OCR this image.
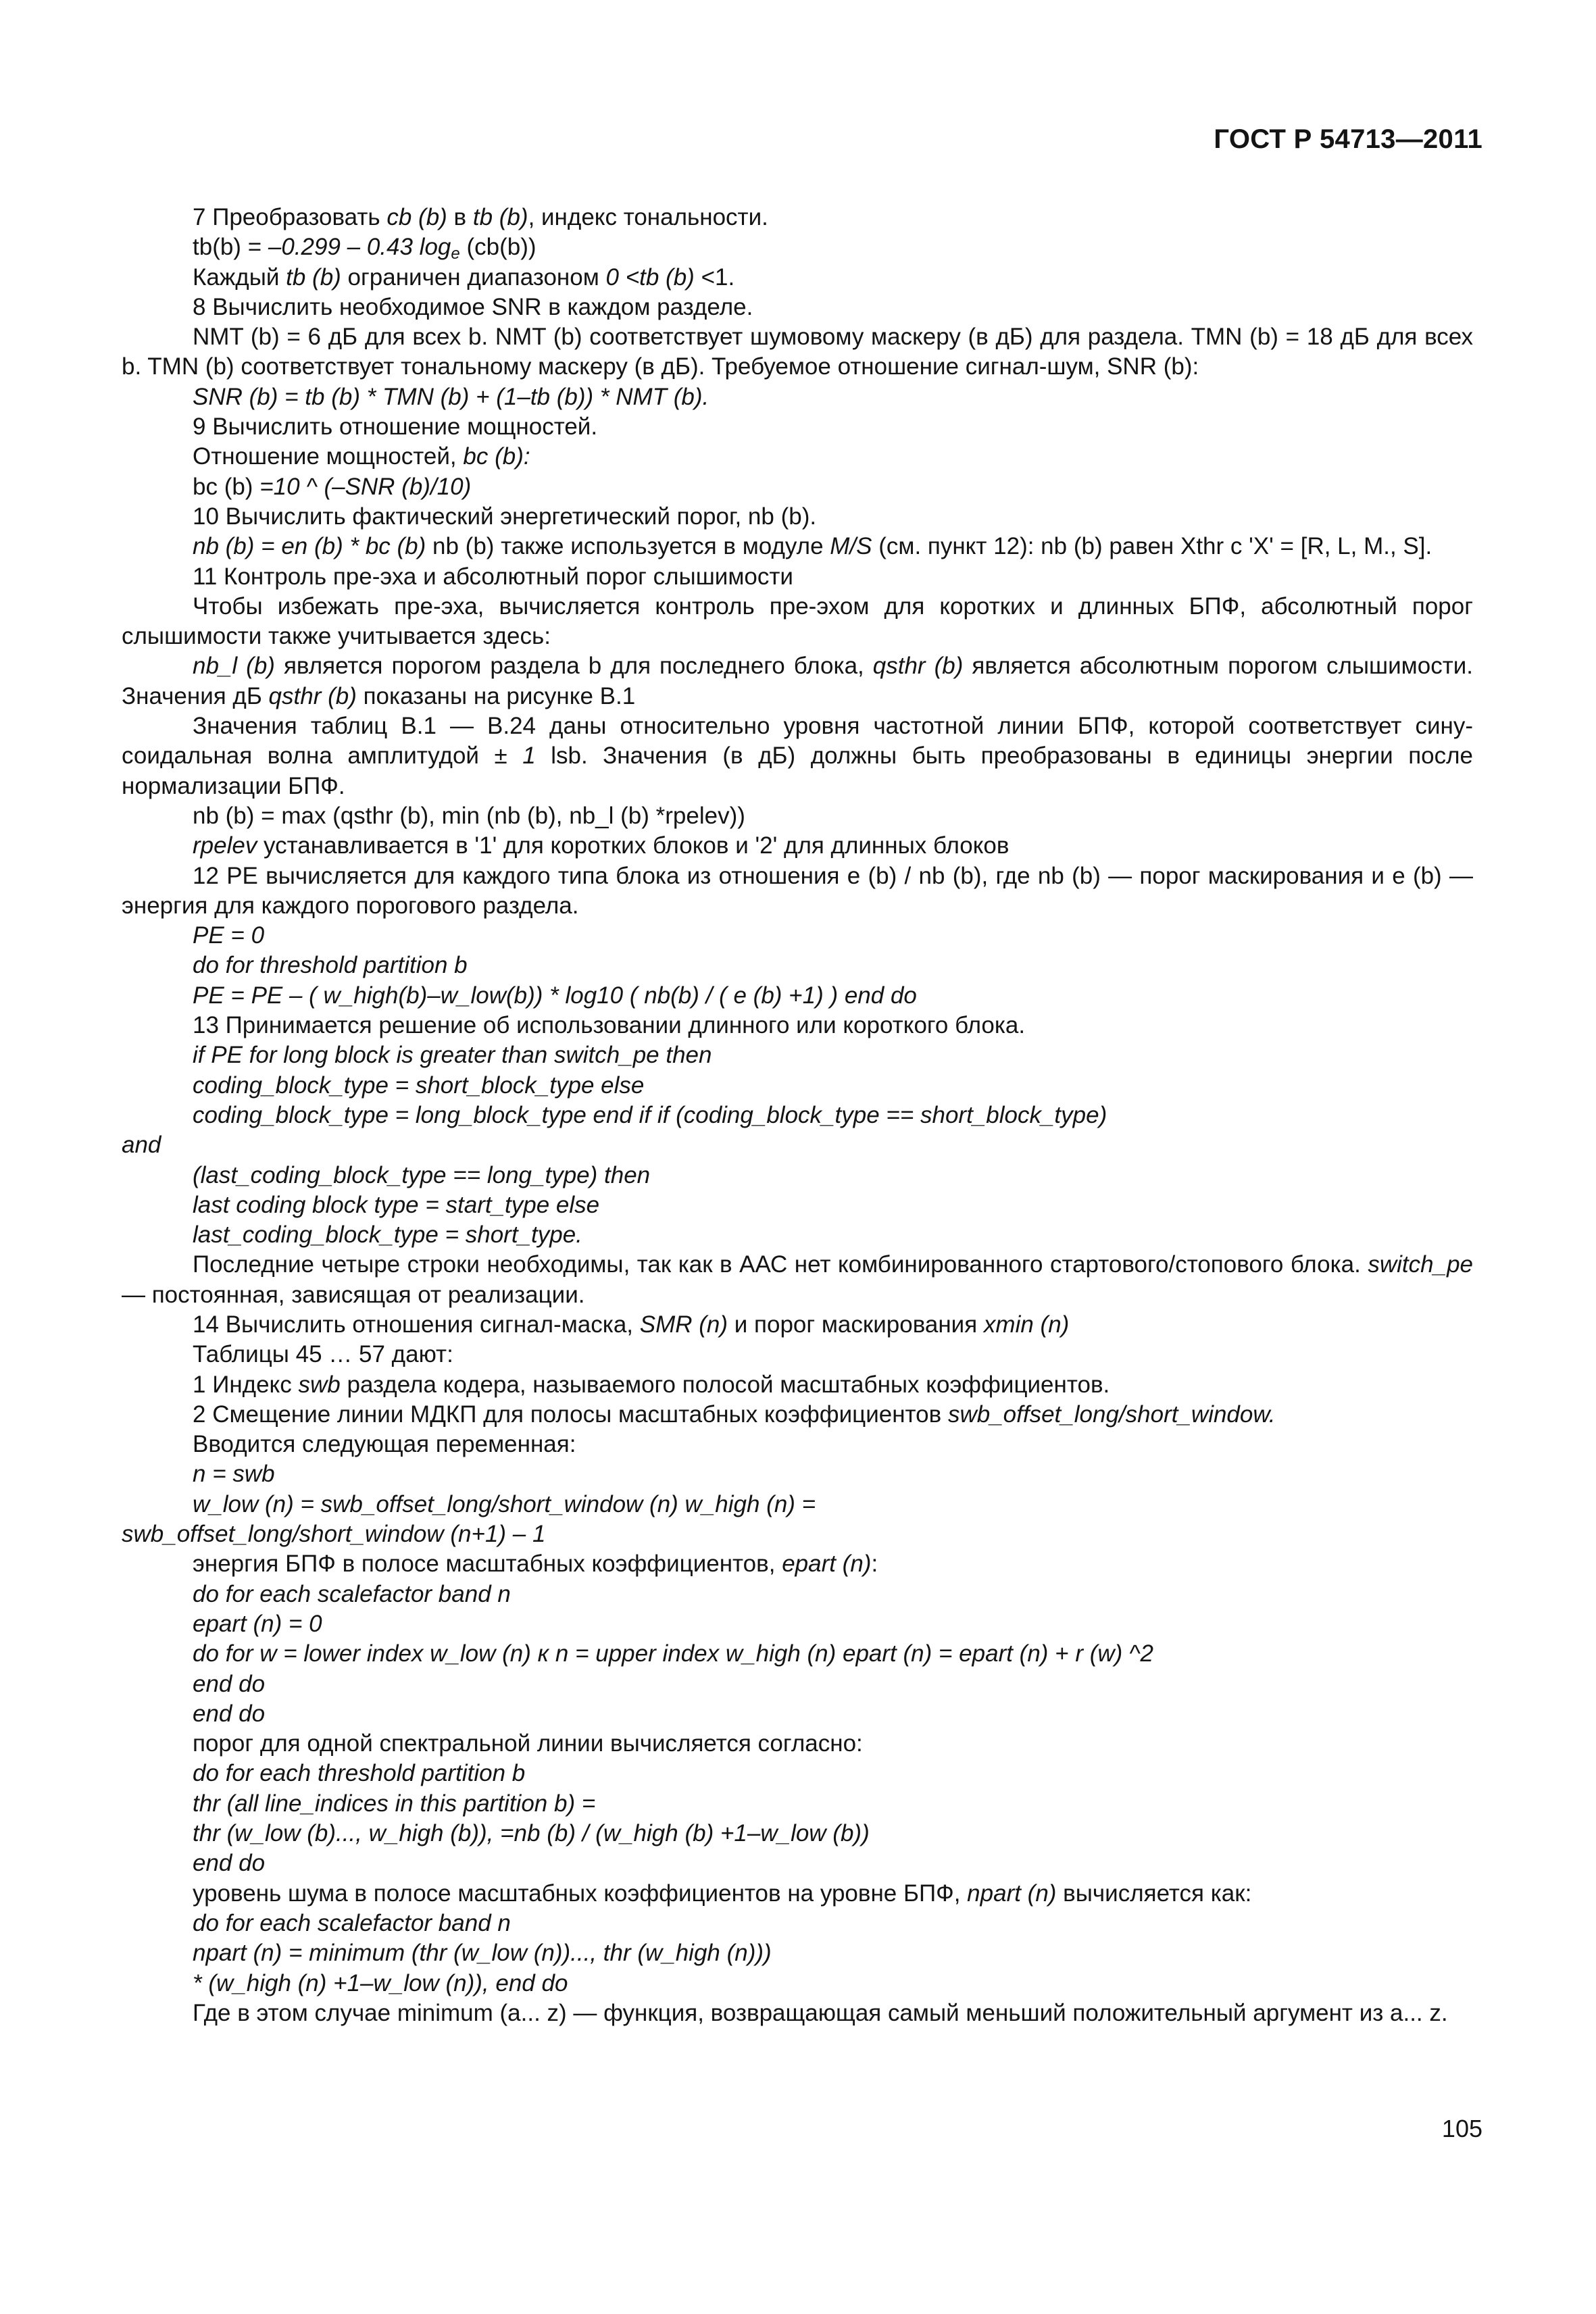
ГОСТ Р 54713—2011

7 Преобразовать cb (b) в tb (b), индекс тональности.

tb(b) = –0.299 – 0.43 $\log_e (cb(b))$

Каждый tb (b) ограничен диапазоном 0 <tb (b) <1.

8 Вычислить необходимое SNR в каждом разделе.

NMT (b) = 6 дБ для всех b. NMT (b) соответствует шумовому маскеру (в дБ) для раздела. TMN (b) = 18 дБ для всех b. TMN (b) соответствует тональному маскеру (в дБ). Требуемое отношение сигнал-шум, SNR (b):

SNR (b) = tb (b) * TMN (b) + (1–tb (b)) * NMT (b).

9 Вычислить отношение мощностей.

Отношение мощностей, bc (b):

bc (b) =10 ^ (–SNR (b)/10)

10 Вычислить фактический энергетический порог, nb (b).

nb (b) = en (b) * bc (b) nb (b) также используется в модуле M/S (см. пункт 12): nb (b) равен Xthr с 'X' = [R, L, M., S].

11 Контроль пре-эха и абсолютный порог слышимости

Чтобы избежать пре-эха, вычисляется контроль пре-эхом для коротких и длинных БПФ, абсолютный порог слышимости также учитывается здесь:

nb_l (b) является порогом раздела b для последнего блока, qsthr (b) является абсолютным порогом слышимости. Значения дБ qsthr (b) показаны на рисунке В.1

Значения таблиц В.1 — В.24 даны относительно уровня частотной линии БПФ, которой соответствует синусоидальная волна амплитудой ± 1 lsb. Значения (в дБ) должны быть преобразованы в единицы энергии после нормализации БПФ.

nb (b) = max (qsthr (b), min (nb (b), nb_l (b) *rpelev))

rpelev устанавливается в '1' для коротких блоков и '2' для длинных блоков

12 PE вычисляется для каждого типа блока из отношения e (b) / nb (b), где nb (b) — порог маскирования и e (b) — энергия для каждого порогового раздела.

PE = 0

do for threshold partition b

PE = PE – ( w_high(b)–w_low(b)) * log10 ( nb(b) / ( e (b) +1) ) end do

13 Принимается решение об использовании длинного или короткого блока.

if PE for long block is greater than switch_pe then

coding_block_type = short_block_type else

coding_block_type = long_block_type end if if (coding_block_type == short_block_type)

and

(last_coding_block_type == long_type) then

last coding block type = start_type else

last_coding_block_type = short_type.

Последние четыре строки необходимы, так как в ААС нет комбинированного стартового/стопового блока. switch_pe — постоянная, зависящая от реализации.

14 Вычислить отношения сигнал-маска, SMR (n) и порог маскирования xmin (n)

Таблицы 45 … 57 дают:

1 Индекс swb раздела кодера, называемого полосой масштабных коэффициентов.

2 Смещение линии МДКП для полосы масштабных коэффициентов swb_offset_long/short_window.

Вводится следующая переменная:

n = swb

w_low (n) = swb_offset_long/short_window (n) w_high (n) =

swb_offset_long/short_window (n+1) – 1

энергия БПФ в полосе масштабных коэффициентов, epart (n):

do for each scalefactor band n

epart (n) = 0

do for w = lower index w_low (n) к n = upper index w_high (n) epart (n) = epart (n) + r (w) ^2

end do

end do

порог для одной спектральной линии вычисляется согласно:

do for each threshold partition b

thr (all line_indices in this partition b) =

thr (w_low (b)..., w_high (b)), =nb (b) / (w_high (b) +1–w_low (b))

end do

уровень шума в полосе масштабных коэффициентов на уровне БПФ, npart (n) вычисляется как:

do for each scalefactor band n

npart (n) = minimum (thr (w_low (n))..., thr (w_high (n)))

* (w_high (n) +1–w_low (n)), end do

Где в этом случае minimum (a... z) — функция, возвращающая самый меньший положительный аргумент из a... z.

105
